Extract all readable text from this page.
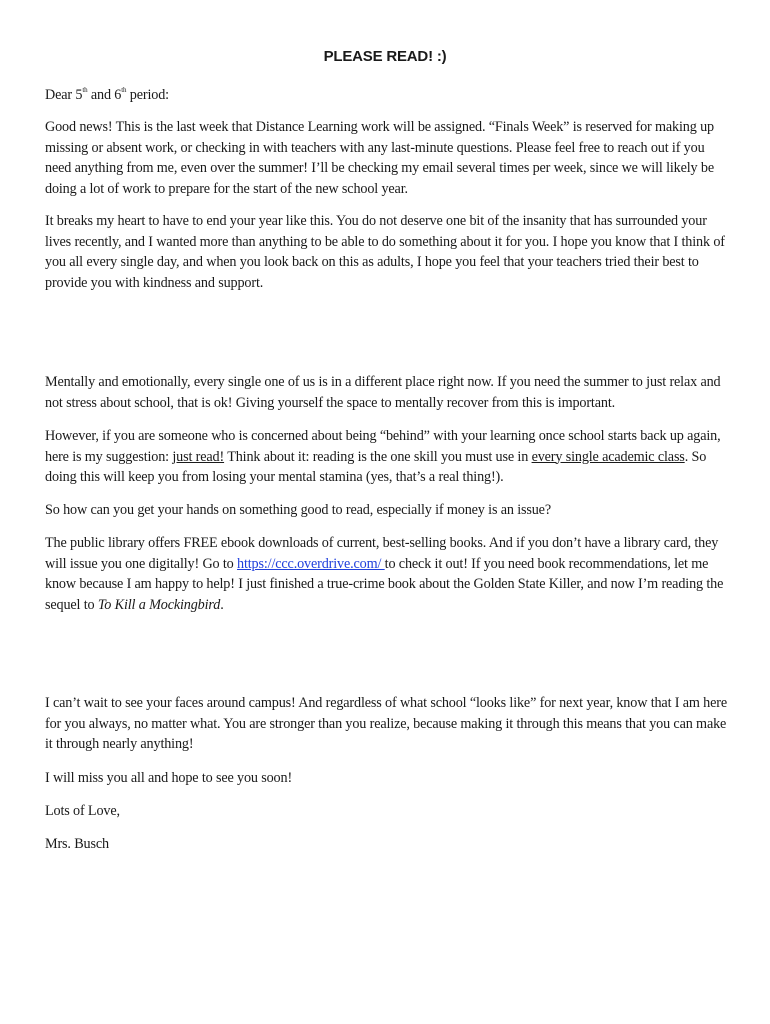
PLEASE READ! :)

Dear 5th and 6th period:

Good news! This is the last week that Distance Learning work will be assigned. “Finals Week” is reserved for making up missing or absent work, or checking in with teachers with any last-minute questions. Please feel free to reach out if you need anything from me, even over the summer! I’ll be checking my email several times per week, since we will likely be doing a lot of work to prepare for the start of the new school year.

It breaks my heart to have to end your year like this. You do not deserve one bit of the insanity that has surrounded your lives recently, and I wanted more than anything to be able to do something about it for you. I hope you know that I think of you all every single day, and when you look back on this as adults, I hope you feel that your teachers tried their best to provide you with kindness and support.

Mentally and emotionally, every single one of us is in a different place right now. If you need the summer to just relax and not stress about school, that is ok! Giving yourself the space to mentally recover from this is important.

However, if you are someone who is concerned about being “behind” with your learning once school starts back up again, here is my suggestion: just read! Think about it: reading is the one skill you must use in every single academic class. So doing this will keep you from losing your mental stamina (yes, that’s a real thing!).

So how can you get your hands on something good to read, especially if money is an issue?

The public library offers FREE ebook downloads of current, best-selling books. And if you don’t have a library card, they will issue you one digitally! Go to https://ccc.overdrive.com/ to check it out! If you need book recommendations, let me know because I am happy to help! I just finished a true-crime book about the Golden State Killer, and now I’m reading the sequel to To Kill a Mockingbird.

I can’t wait to see your faces around campus! And regardless of what school “looks like” for next year, know that I am here for you always, no matter what. You are stronger than you realize, because making it through this means that you can make it through nearly anything!

I will miss you all and hope to see you soon!

Lots of Love,

Mrs. Busch
